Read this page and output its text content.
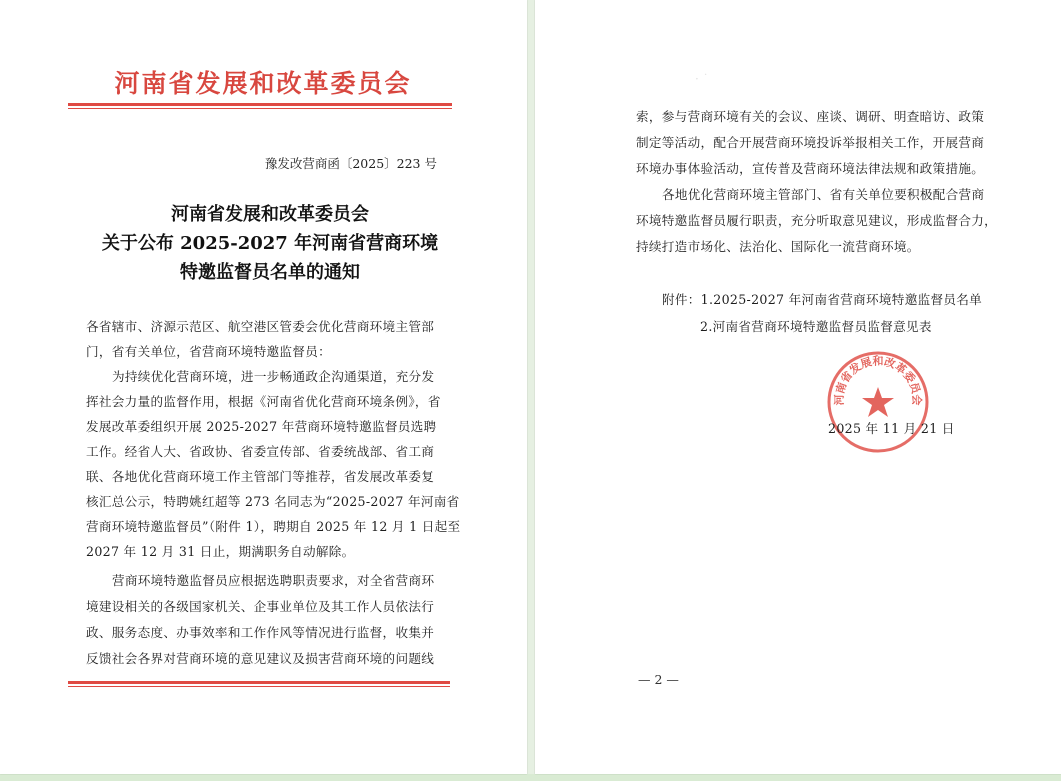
河南省发展和改革委员会
豫发改营商函〔2025〕223 号
河南省发展和改革委员会
关于公布 2025-2027 年河南省营商环境
特邀监督员名单的通知
各省辖市、济源示范区、航空港区管委会优化营商环境主管部
门，省有关单位，省营商环境特邀监督员：
为持续优化营商环境，进一步畅通政企沟通渠道，充分发
挥社会力量的监督作用，根据《河南省优化营商环境条例》，省
发展改革委组织开展 2025-2027 年营商环境特邀监督员选聘
工作。经省人大、省政协、省委宣传部、省委统战部、省工商
联、各地优化营商环境工作主管部门等推荐，省发展改革委复
核汇总公示，特聘姚红超等 273 名同志为“2025-2027 年河南省
营商环境特邀监督员”（附件 1），聘期自 2025 年 12 月 1 日起至
2027 年 12 月 31 日止，期满职务自动解除。
营商环境特邀监督员应根据选聘职责要求，对全省营商环
境建设相关的各级国家机关、企事业单位及其工作人员依法行
政、服务态度、办事效率和工作作风等情况进行监督，收集并
反馈社会各界对营商环境的意见建议及损害营商环境的问题线
· ˙
索，参与营商环境有关的会议、座谈、调研、明查暗访、政策
制定等活动，配合开展营商环境投诉举报相关工作，开展营商
环境办事体验活动，宣传普及营商环境法律法规和政策措施。
各地优化营商环境主管部门、省有关单位要积极配合营商
环境特邀监督员履行职责，充分听取意见建议，形成监督合力，
持续打造市场化、法治化、国际化一流营商环境。
附件：1.2025-2027 年河南省营商环境特邀监督员名单
2.河南省营商环境特邀监督员监督意见表
河南省发展和改革委员会
2025 年 11 月 21 日
— 2 —
